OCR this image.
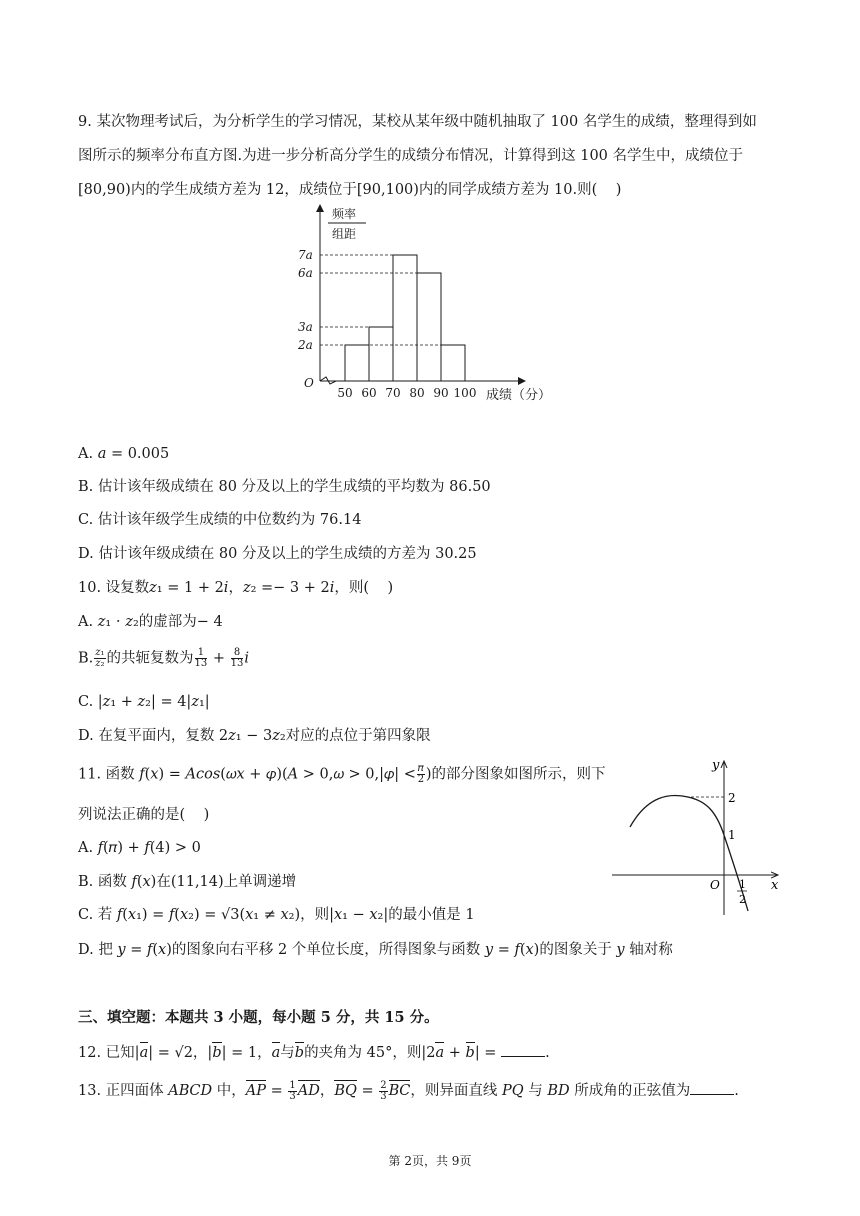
9. 某次物理考试后，为分析学生的学习情况，某校从某年级中随机抽取了 100 名学生的成绩，整理得到如
图所示的频率分布直方图.为进一步分析高分学生的成绩分布情况，计算得到这 100 名学生中，成绩位于
[80,90)内的学生成绩方差为 12，成绩位于[90,100)内的同学成绩方差为 10.则(    )
频率
组距
O
2a
3a
6a
7a
50 60 70 80 90 100 成绩（分）
A. 𝑎 = 0.005
B. 估计该年级成绩在 80 分及以上的学生成绩的平均数为 86.50
C. 估计该年级学生成绩的中位数约为 76.14
D. 估计该年级成绩在 80 分及以上的学生成绩的方差为 30.25
10. 设复数𝑧₁ = 1 + 2𝑖，𝑧₂ =− 3 + 2𝑖，则(    )
A. 𝑧₁ ⋅ 𝑧₂的虚部为− 4
B. $\frac{\text{𝑧₁}}{\text{𝑧₂}}$ 的共轭复数为 $\frac{1}{13} + \frac{8}{13}$ 𝑖
C. |𝑧₁ + 𝑧₂| = 4|𝑧₁|
D. 在复平面内，复数 2𝑧₁ − 3𝑧₂对应的点位于第四象限
11. 函数 𝑓(𝑥) = 𝐴𝑐𝑜𝑠(𝜔𝑥 + 𝜑)(𝐴 > 0,𝜔 > 0,|𝜑| < $\frac{\text{𝜋}}{2}$ )的部分图象如图所示，则下
列说法正确的是(    )
A. 𝑓(𝜋) + 𝑓(4) > 0
B. 函数 𝑓(𝑥)在(11,14)上单调递增
C. 若 𝑓(𝑥₁) = 𝑓(𝑥₂) = √3(𝑥₁ ≠ 𝑥₂)，则|𝑥₁ − 𝑥₂|的最小值是 1
D. 把 𝑦 = 𝑓(𝑥)的图象向右平移 2 个单位长度，所得图象与函数 𝑦 = 𝑓(𝑥)的图象关于 𝑦 轴对称
y
x
O
2
1
1
2
三、填空题：本题共 3 小题，每小题 5 分，共 15 分。
12. 已知|𝑎| = √2，|𝑏| = 1，𝑎与𝑏的夹角为 45°，则|2𝑎 + 𝑏| =	.
13. 正四面体 𝐴𝐵𝐶𝐷 中，𝐴𝑃 = $\frac{1}{3}$ 𝐴𝐷，𝐵𝑄 = $\frac{2}{3}$ 𝐵𝐶，则异面直线 𝑃𝑄 与 𝐵𝐷 所成角的正弦值为	.
第 2页，共 9页
